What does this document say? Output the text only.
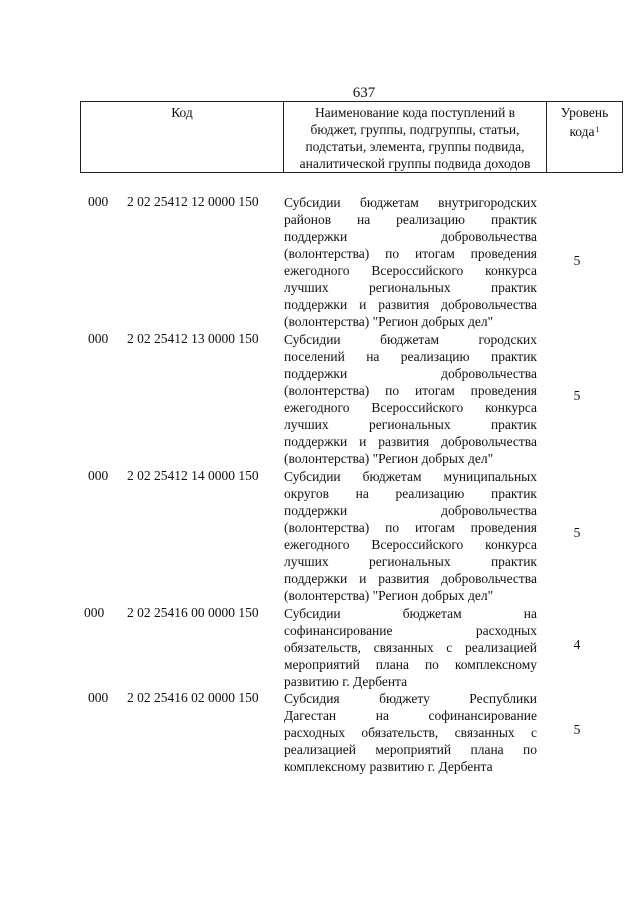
637
Код	Наименование кода поступлений в
бюджет, группы, подгруппы, статьи,
подстатьи, элемента, группы подвида,
аналитической группы подвида доходов

Уровень
кода$^1$
000	2 02 25412 12 0000 150 Субсидии бюджетам внутригородских
районов на реализацию практик
поддержки добровольчества
(волонтерства) по итогам проведения
ежегодного Всероссийского конкурса
лучших региональных практик
поддержки и развития добровольчества
(волонтерства) "Регион добрых дел"
5
000	2 02 25412 13 0000 150 Субсидии бюджетам городских
поселений на реализацию практик
поддержки добровольчества
(волонтерства) по итогам проведения
ежегодного Всероссийского конкурса
лучших региональных практик
поддержки и развития добровольчества
(волонтерства) "Регион добрых дел"
5
000	2 02 25412 14 0000 150 Субсидии бюджетам муниципальных
округов на реализацию практик
поддержки добровольчества
(волонтерства) по итогам проведения
ежегодного Всероссийского конкурса
лучших региональных практик
поддержки и развития добровольчества
(волонтерства) "Регион добрых дел"
5
000	2 02 25416 00 0000 150 Субсидии бюджетам на
софинансирование расходных
обязательств, связанных с реализацией
мероприятий плана по комплексному
развитию г. Дербента
4
000	2 02 25416 02 0000 150 Субсидия бюджету Республики
Дагестан на софинансирование
расходных обязательств, связанных с
реализацией мероприятий плана по
комплексному развитию г. Дербента
5
